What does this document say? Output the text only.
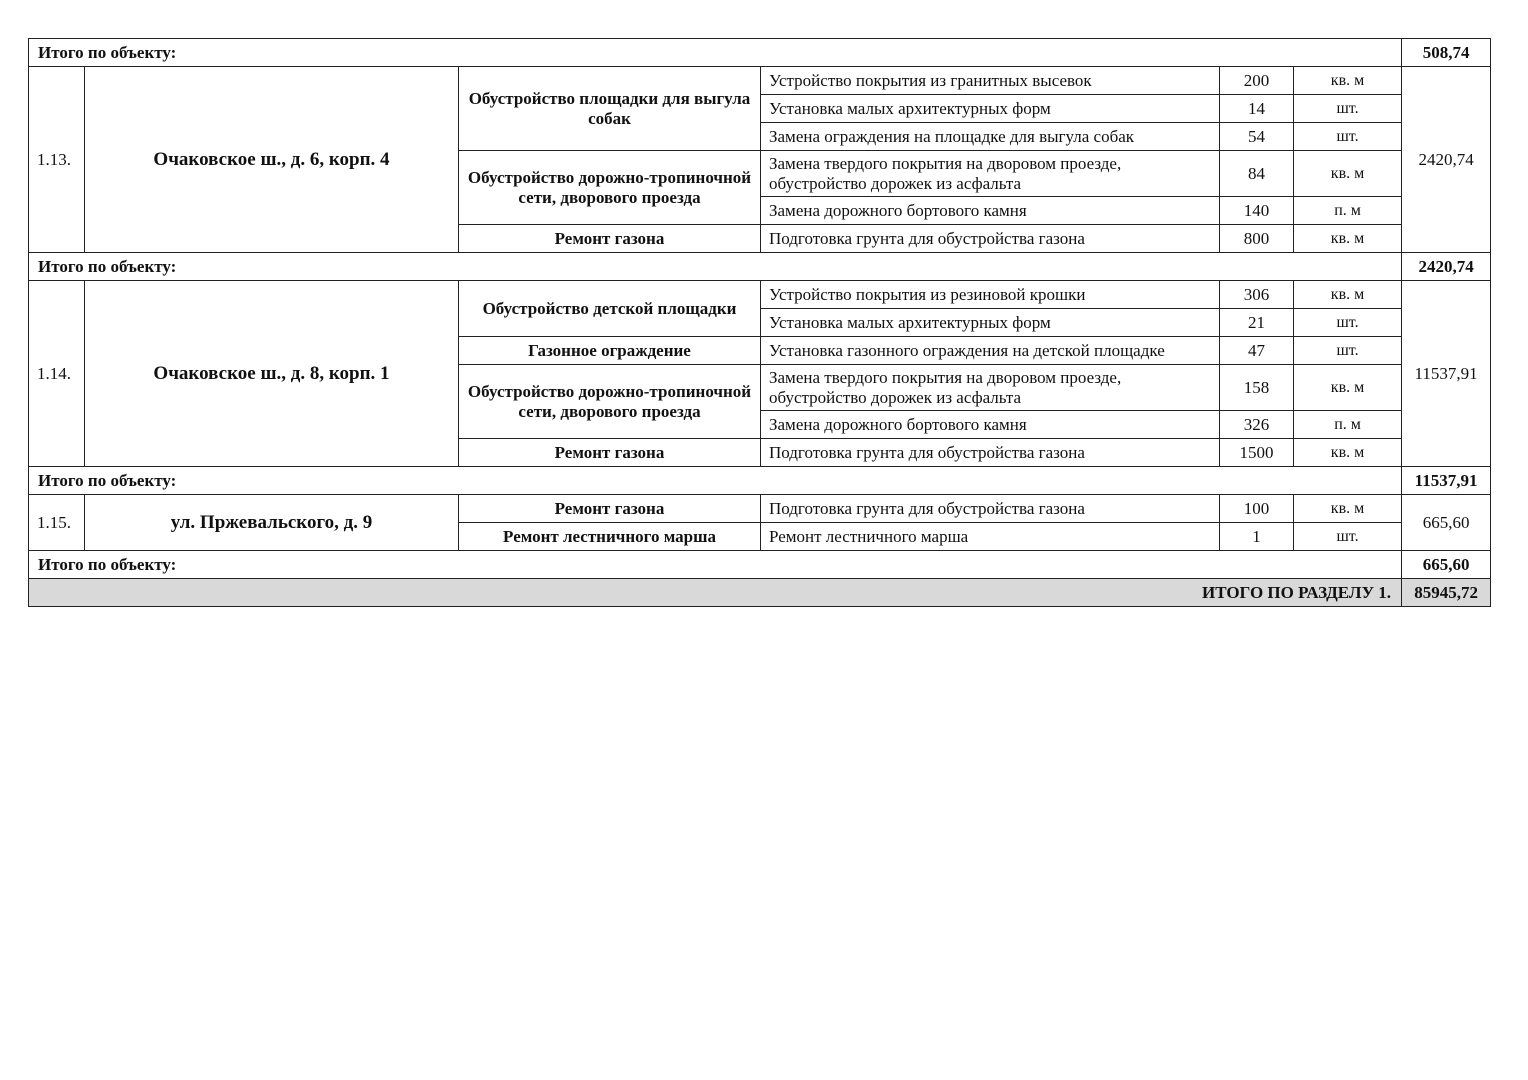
Итого по объекту:						508,74
1.13.	Очаковское ш., д. 6, корп. 4	Обустройство площадки для выгула собак	Устройство покрытия из гранитных высевок	200	кв. м	2420,74
			Установка малых архитектурных форм	14	шт.	
			Замена ограждения на площадке для выгула собак	54	шт.	
		Обустройство дорожно-тропиночной сети, дворового проезда	Замена твердого покрытия на дворовом проезде, обустройство дорожек из асфальта	84	кв. м	
			Замена дорожного бортового камня	140	п. м	
		Ремонт газона	Подготовка грунта для обустройства газона	800	кв. м	
Итого по объекту:						2420,74
1.14.	Очаковское ш., д. 8, корп. 1	Обустройство детской площадки	Устройство покрытия из резиновой крошки	306	кв. м	11537,91
			Установка малых архитектурных форм	21	шт.	
		Газонное ограждение	Установка газонного ограждения на детской площадке	47	шт.	
		Обустройство дорожно-тропиночной сети, дворового проезда	Замена твердого покрытия на дворовом проезде, обустройство дорожек из асфальта	158	кв. м	
			Замена дорожного бортового камня	326	п. м	
		Ремонт газона	Подготовка грунта для обустройства газона	1500	кв. м	
Итого по объекту:						11537,91
1.15.	ул. Пржевальского, д. 9	Ремонт газона	Подготовка грунта для обустройства газона	100	кв. м	665,60
		Ремонт лестничного марша	Ремонт лестничного марша	1	шт.	
Итого по объекту:						665,60
ИТОГО ПО РАЗДЕЛУ 1.						85945,72
